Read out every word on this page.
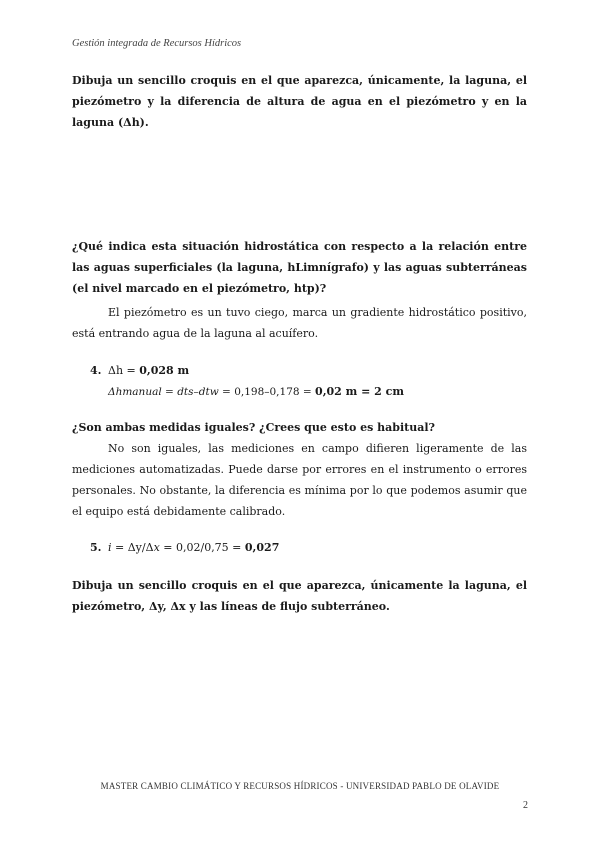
Gestión integrada de Recursos Hídricos
Dibuja un sencillo croquis en el que aparezca, únicamente, la laguna, el piezómetro y la diferencia de altura de agua en el piezómetro y en la laguna (Δh).
¿Qué indica esta situación hidrostática con respecto a la relación entre las aguas superficiales (la laguna, hLimnígrafo) y las aguas subterráneas (el nivel marcado en el piezómetro, htp)?
El piezómetro es un tuvo ciego, marca un gradiente hidrostático positivo, está entrando agua de la laguna al acuífero.
4. Δh = 0,028 m
Δhmanual = dts–dtw = 0,198–0,178 = 0,02 m = 2 cm
¿Son ambas medidas iguales? ¿Crees que esto es habitual?
No son iguales, las mediciones en campo difieren ligeramente de las mediciones automatizadas. Puede darse por errores en el instrumento o errores personales. No obstante, la diferencia es mínima por lo que podemos asumir que el equipo está debidamente calibrado.
5. i = Δy/Δx = 0,02/0,75 = 0,027
Dibuja un sencillo croquis en el que aparezca, únicamente la laguna, el piezómetro, Δy, Δx y las líneas de flujo subterráneo.
MASTER CAMBIO CLIMÁTICO Y RECURSOS HÍDRICOS - UNIVERSIDAD PABLO DE OLAVIDE
2
